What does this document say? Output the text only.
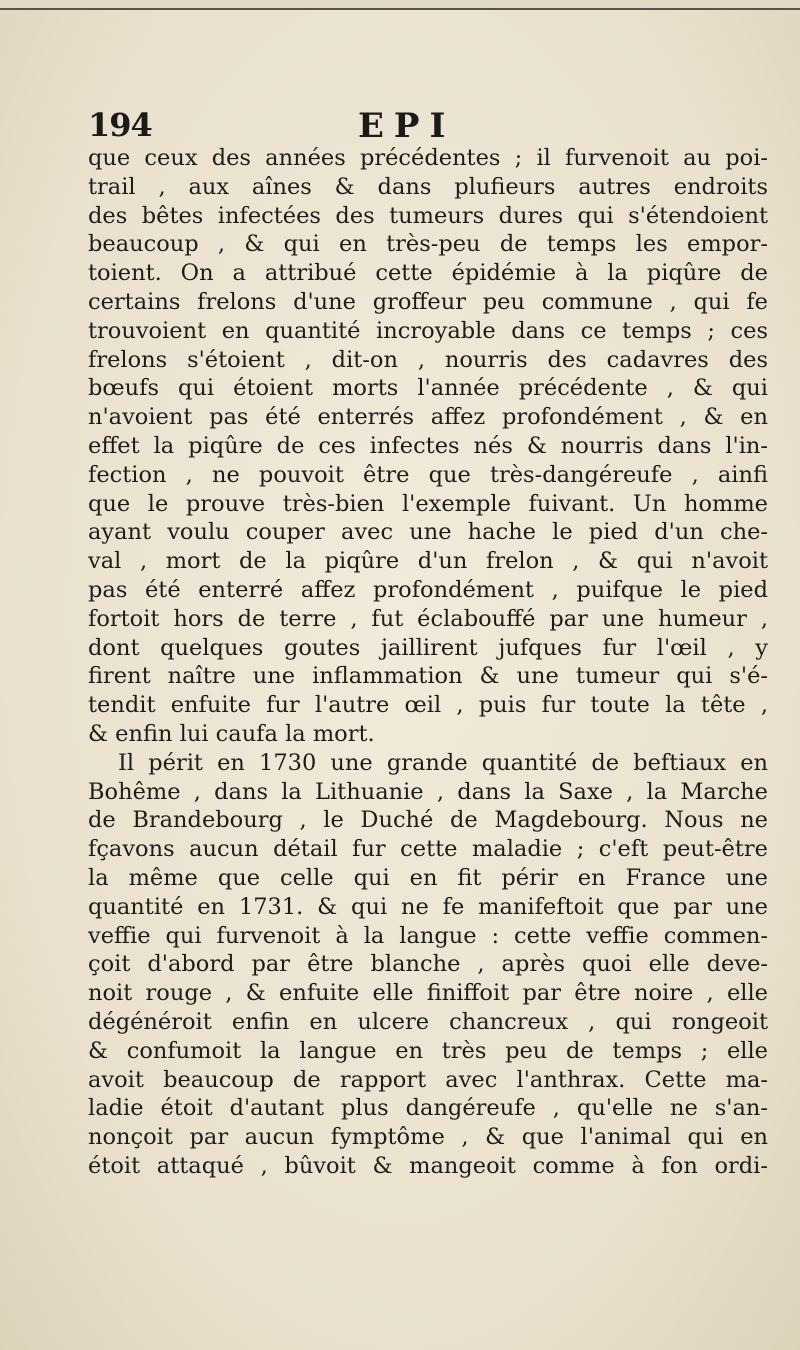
194	EPI
que ceux des années précédentes ; il furvenoit au poi-
trail , aux aînes & dans plufieurs autres endroits
des bêtes infectées des tumeurs dures qui s'étendoient
beaucoup , & qui en très-peu de temps les empor-
toient. On a attribué cette épidémie à la piqûre de
certains frelons d'une groffeur peu commune , qui fe
trouvoient en quantité incroyable dans ce temps ; ces
frelons s'étoient , dit-on , nourris des cadavres des
bœufs qui étoient morts l'année précédente , & qui
n'avoient pas été enterrés affez profondément , & en
effet la piqûre de ces infectes nés & nourris dans l'in-
fection , ne pouvoit être que très-dangéreufe , ainfi
que le prouve très-bien l'exemple fuivant. Un homme
ayant voulu couper avec une hache le pied d'un che-
val , mort de la piqûre d'un frelon , & qui n'avoit
pas été enterré affez profondément , puifque le pied
fortoit hors de terre , fut éclabouffé par une humeur ,
dont quelques goutes jaillirent jufques fur l'œil , y
firent naître une inflammation & une tumeur qui s'é-
tendit enfuite fur l'autre œil , puis fur toute la tête ,
& enfin lui caufa la mort.
Il périt en 1730 une grande quantité de beftiaux en
Bohême , dans la Lithuanie , dans la Saxe , la Marche
de Brandebourg , le Duché de Magdebourg. Nous ne
fçavons aucun détail fur cette maladie ; c'eft peut-être
la même que celle qui en fit périr en France une
quantité en 1731. & qui ne fe manifeftoit que par une
veffie qui furvenoit à la langue : cette veffie commen-
çoit d'abord par être blanche , après quoi elle deve-
noit rouge , & enfuite elle finiffoit par être noire , elle
dégénéroit enfin en ulcere chancreux , qui rongeoit
& confumoit la langue en très peu de temps ; elle
avoit beaucoup de rapport avec l'anthrax. Cette ma-
ladie étoit d'autant plus dangéreufe , qu'elle ne s'an-
nonçoit par aucun fymptôme , & que l'animal qui en
étoit attaqué , bûvoit & mangeoit comme à fon ordi-
